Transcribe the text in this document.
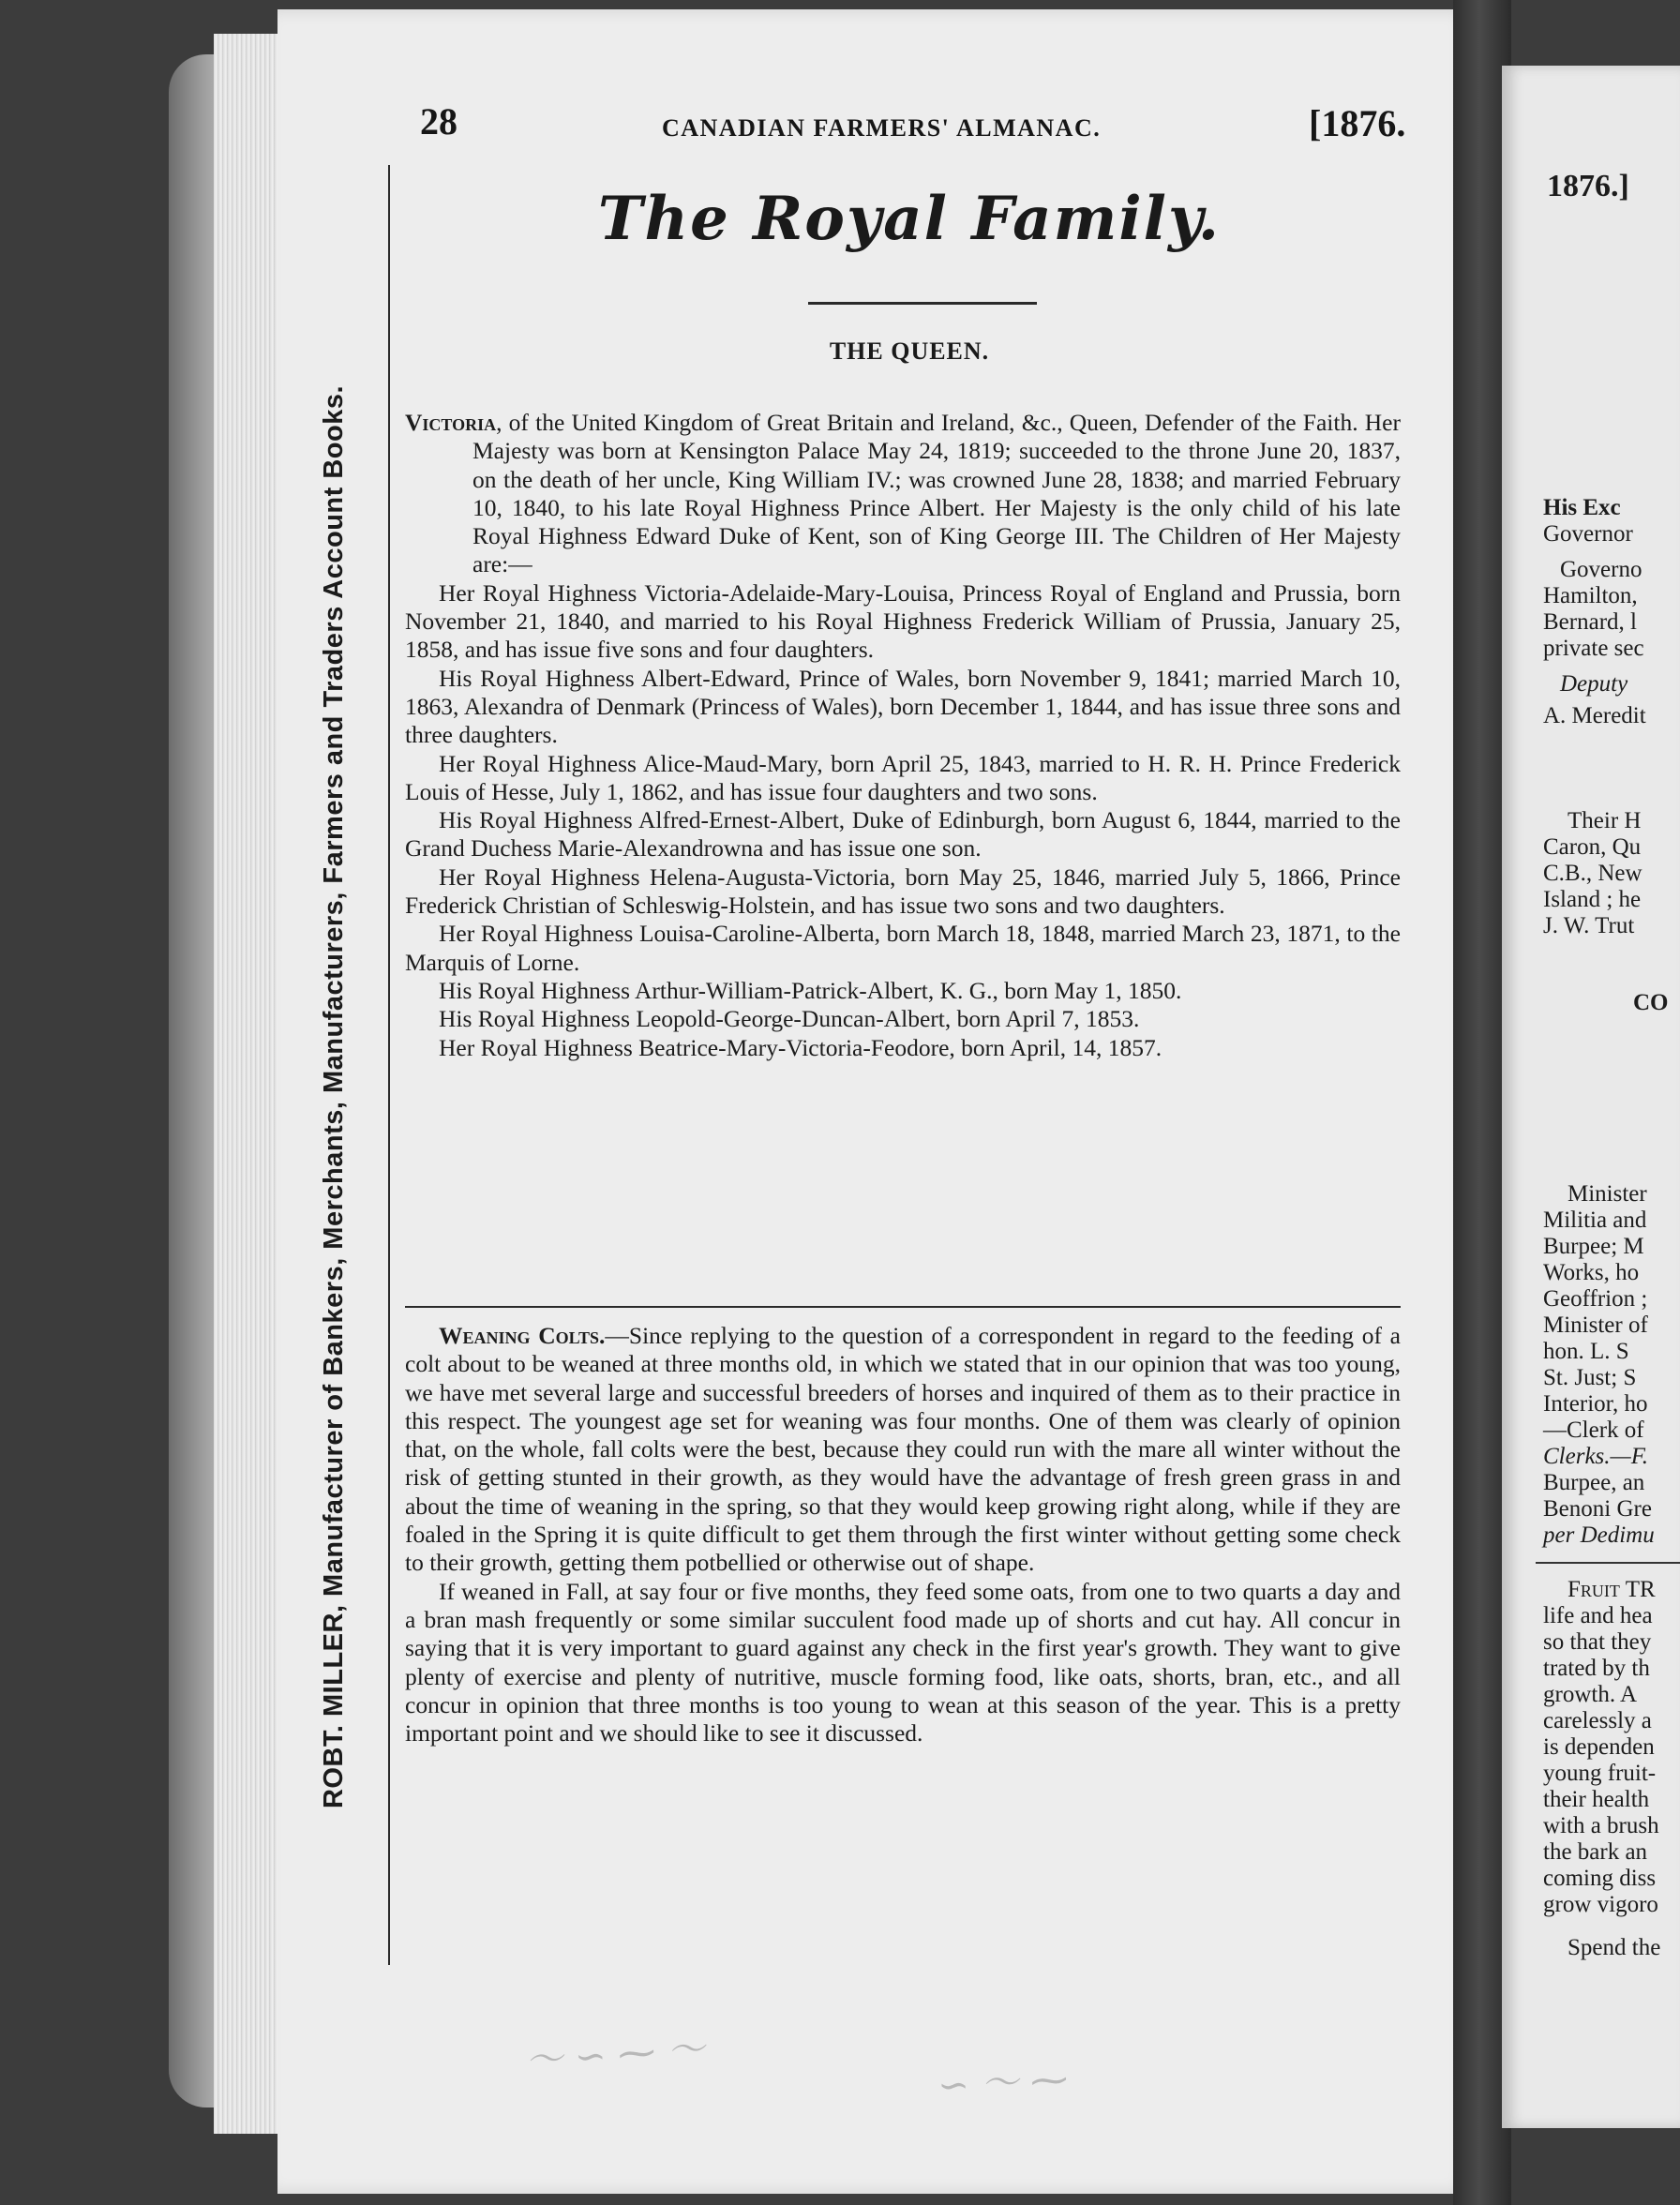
ROBT. MILLER, Manufacturer of Bankers, Merchants, Manufacturers, Farmers and Traders Account Books.
28	CANADIAN FARMERS' ALMANAC.	[1876.
The Royal Family.
THE QUEEN.

Victoria, of the United Kingdom of Great Britain and Ireland, &c., Queen, Defender of the Faith. Her Majesty was born at Kensington Palace May 24, 1819; succeeded to the throne June 20, 1837, on the death of her uncle, King William IV.; was crowned June 28, 1838; and married February 10, 1840, to his late Royal Highness Prince Albert. Her Majesty is the only child of his late Royal Highness Edward Duke of Kent, son of King George III. The Children of Her Majesty are:—

Her Royal Highness Victoria-Adelaide-Mary-Louisa, Princess Royal of England and Prussia, born November 21, 1840, and married to his Royal Highness Frederick William of Prussia, January 25, 1858, and has issue five sons and four daughters.

His Royal Highness Albert-Edward, Prince of Wales, born November 9, 1841; married March 10, 1863, Alexandra of Denmark (Princess of Wales), born December 1, 1844, and has issue three sons and three daughters.

Her Royal Highness Alice-Maud-Mary, born April 25, 1843, married to H. R. H. Prince Frederick Louis of Hesse, July 1, 1862, and has issue four daughters and two sons.

His Royal Highness Alfred-Ernest-Albert, Duke of Edinburgh, born August 6, 1844, married to the Grand Duchess Marie-Alexandrowna and has issue one son.

Her Royal Highness Helena-Augusta-Victoria, born May 25, 1846, married July 5, 1866, Prince Frederick Christian of Schleswig-Holstein, and has issue two sons and two daughters.

Her Royal Highness Louisa-Caroline-Alberta, born March 18, 1848, married March 23, 1871, to the Marquis of Lorne.

His Royal Highness Arthur-William-Patrick-Albert, K. G., born May 1, 1850.

His Royal Highness Leopold-George-Duncan-Albert, born April 7, 1853.

Her Royal Highness Beatrice-Mary-Victoria-Feodore, born April, 14, 1857.

Weaning Colts.—Since replying to the question of a correspondent in regard to the feeding of a colt about to be weaned at three months old, in which we stated that in our opinion that was too young, we have met several large and successful breeders of horses and inquired of them as to their practice in this respect. The youngest age set for weaning was four months. One of them was clearly of opinion that, on the whole, fall colts were the best, because they could run with the mare all winter without the risk of getting stunted in their growth, as they would have the advantage of fresh green grass in and about the time of weaning in the spring, so that they would keep growing right along, while if they are foaled in the Spring it is quite difficult to get them through the first winter without getting some check to their growth, getting them potbellied or otherwise out of shape.

If weaned in Fall, at say four or five months, they feed some oats, from one to two quarts a day and a bran mash frequently or some similar succulent food made up of shorts and cut hay. All concur in saying that it is very important to guard against any check in the first year's growth. They want to give plenty of exercise and plenty of nutritive, muscle forming food, like oats, shorts, bran, etc., and all concur in opinion that three months is too young to wean at this season of the year. This is a pretty important point and we should like to see it discussed.

〜 ∽ ⁓ 〜
∽ 〜 ⁓
1876.]
His Exc
Governor
Governo
Hamilton,
Bernard, l
private sec
Deputy
A. Meredit
Their H
Caron, Qu
C.B., New
Island ; he
J. W. Trut
CO
Minister
Militia and
Burpee; M
Works, ho
Geoffrion ;
Minister of
hon. L. S
St. Just; S
Interior, ho
—Clerk of
Clerks.—F.
Burpee, an
Benoni Gre
per Dedimu
Fruit TR
life and hea
so that they
trated by th
growth. A
carelessly a
is dependen
young fruit-
their health
with a brush
the bark an
coming diss
grow vigoro
Spend the
